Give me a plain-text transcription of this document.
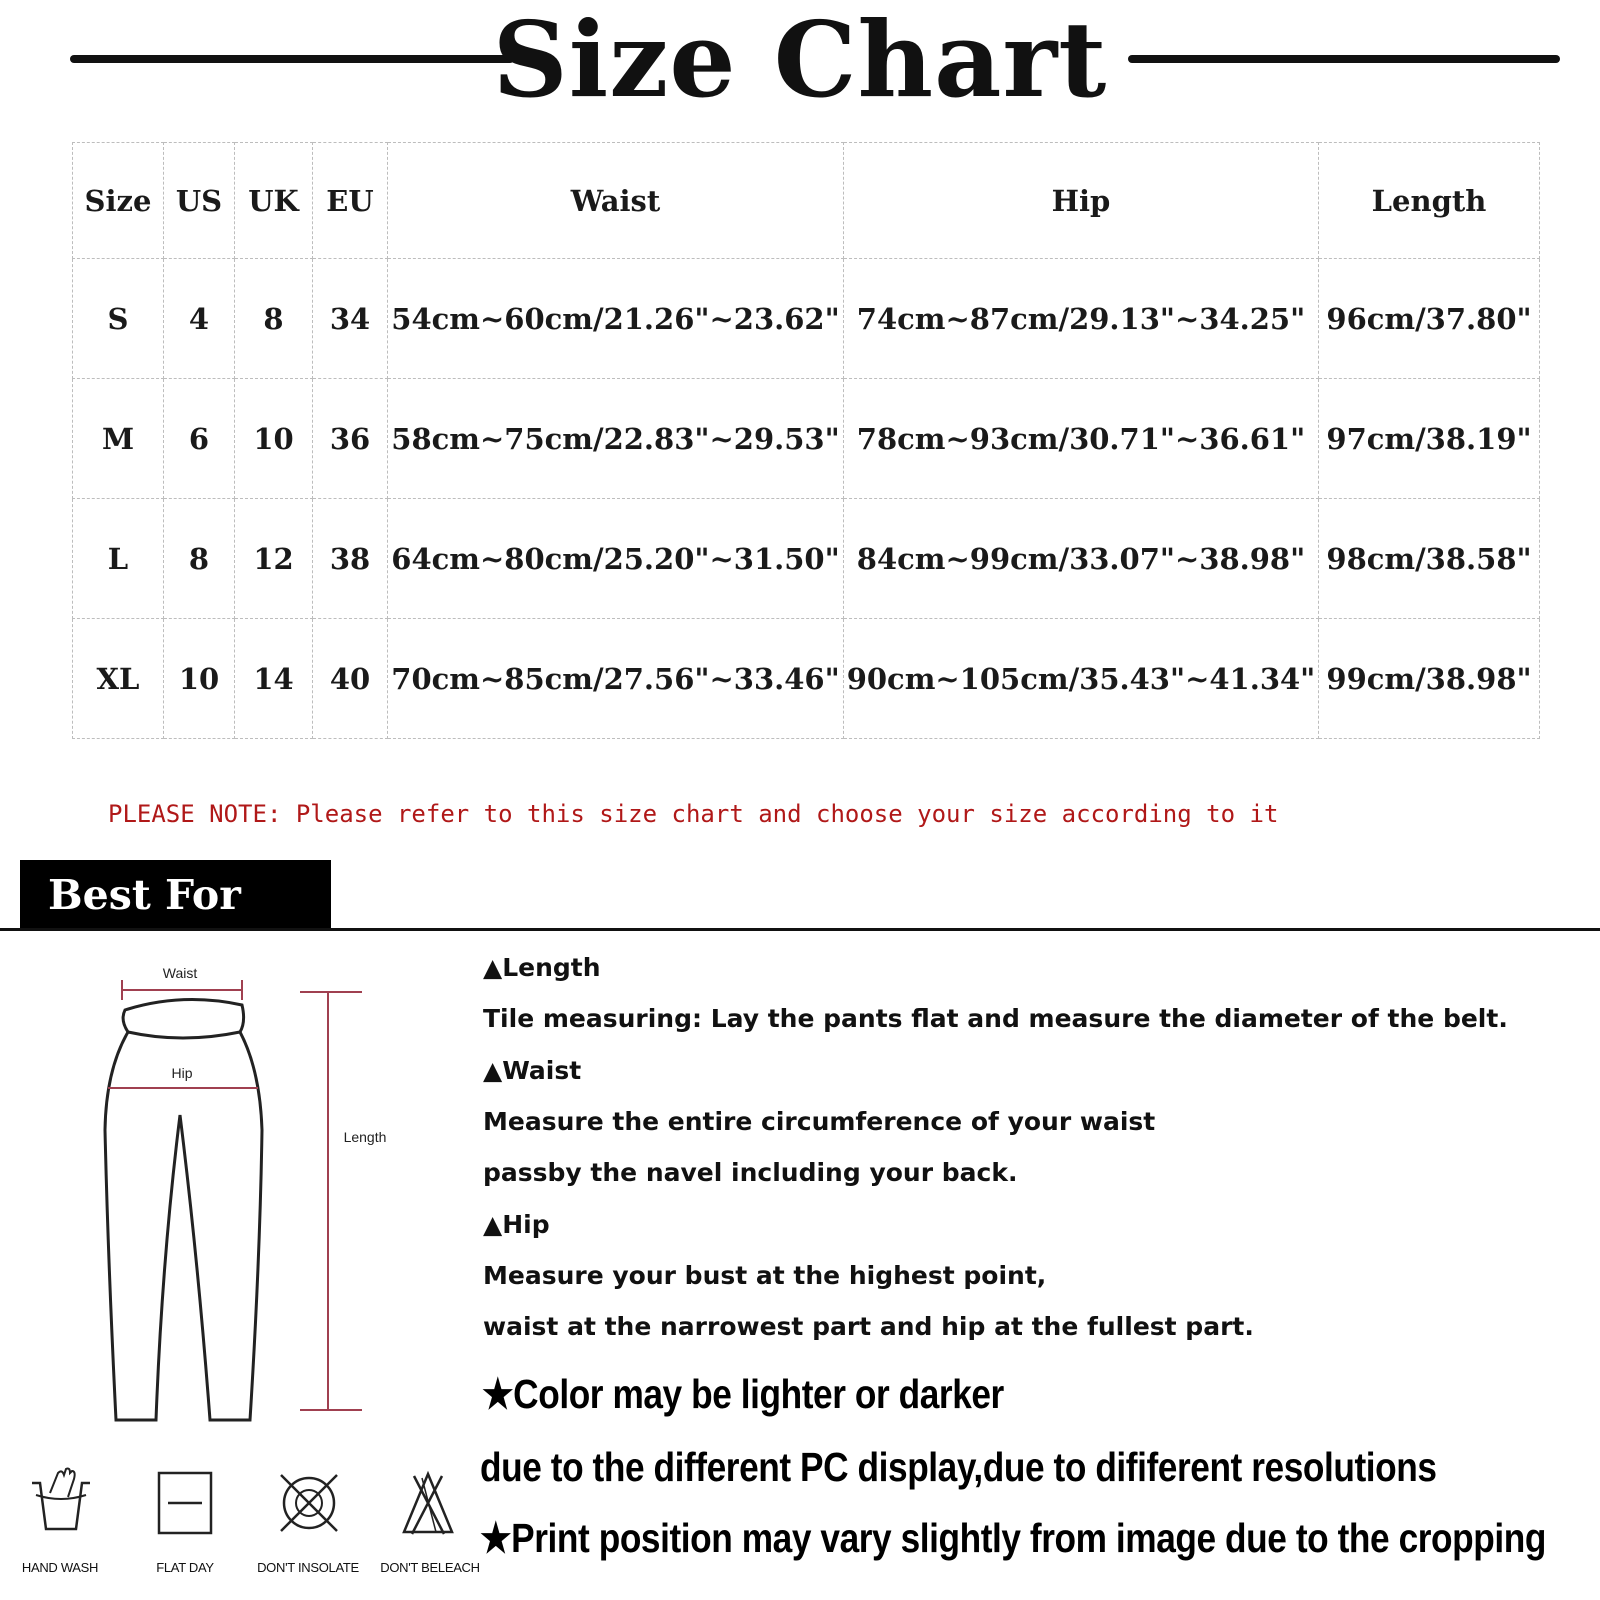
Size Chart
Size	US	UK	EU	Waist	Hip	Length
S	4	8	34	54cm~60cm/21.26"~23.62"	74cm~87cm/29.13"~34.25"	96cm/37.80"
M	6	10	36	58cm~75cm/22.83"~29.53"	78cm~93cm/30.71"~36.61"	97cm/38.19"
L	8	12	38	64cm~80cm/25.20"~31.50"	84cm~99cm/33.07"~38.98"	98cm/38.58"
XL	10	14	40	70cm~85cm/27.56"~33.46"	90cm~105cm/35.43"~41.34"	99cm/38.98"
PLEASE NOTE: Please refer to this size chart and choose your size according to it
Best For You	Waist
Hip
Length
▲Length
Tile measuring: Lay the pants flat and measure the diameter of the belt.
▲Waist
Measure the entire circumference of your waist
passby the navel including your back.
▲Hip
Measure your bust at the highest point,
waist at the narrowest part and hip at the fullest part.
★Color may be lighter or darker
due to the different PC display,due to dififerent resolutions
★Print position may vary slightly from image due to the cropping
HAND WASH	FLAT DAY	DON'T INSOLATE DON'T BELEACH
